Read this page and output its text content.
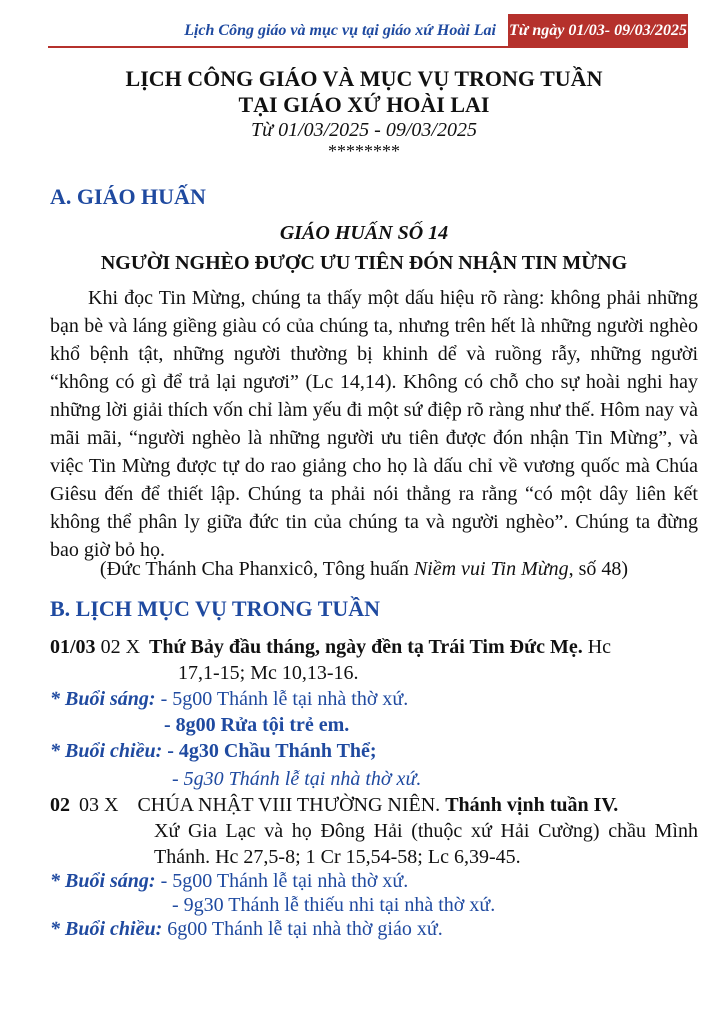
Lịch Công giáo và mục vụ tại giáo xứ Hoài Lai Từ ngày 01/03- 09/03/2025
LỊCH CÔNG GIÁO VÀ MỤC VỤ TRONG TUẦN
TẠI GIÁO XỨ HOÀI LAI
Từ 01/03/2025 - 09/03/2025
********
A. GIÁO HUẤN
GIÁO HUẤN SỐ 14
NGƯỜI NGHÈO ĐƯỢC ƯU TIÊN ĐÓN NHẬN TIN MỪNG
Khi đọc Tin Mừng, chúng ta thấy một dấu hiệu rõ ràng: không phải những bạn bè và láng giềng giàu có của chúng ta, nhưng trên hết là những người nghèo khổ bệnh tật, những người thường bị khinh dể và ruồng rẫy, những người “không có gì để trả lại ngươi” (Lc 14,14). Không có chỗ cho sự hoài nghi hay những lời giải thích vốn chỉ làm yếu đi một sứ điệp rõ ràng như thế. Hôm nay và mãi mãi, “người nghèo là những người ưu tiên được đón nhận Tin Mừng”, và việc Tin Mừng được tự do rao giảng cho họ là dấu chỉ về vương quốc mà Chúa Giêsu đến để thiết lập. Chúng ta phải nói thẳng ra rằng “có một dây liên kết không thể phân ly giữa đức tin của chúng ta và người nghèo”. Chúng ta đừng bao giờ bỏ họ.
(Đức Thánh Cha Phanxicô, Tông huấn Niềm vui Tin Mừng, số 48)
B. LỊCH MỤC VỤ TRONG TUẦN
01/03 02 X Thứ Bảy đầu tháng, ngày đền tạ Trái Tim Đức Mẹ. Hc
17,1-15; Mc 10,13-16.
* Buổi sáng: - 5g00 Thánh lễ tại nhà thờ xứ.
- 8g00 Rửa tội trẻ em.
* Buổi chiều: - 4g30 Chầu Thánh Thể;
- 5g30 Thánh lễ tại nhà thờ xứ.
02 03 X CHÚA NHẬT VIII THƯỜNG NIÊN. Thánh vịnh tuần IV.
Xứ Gia Lạc và họ Đông Hải (thuộc xứ Hải Cường) chầu Mình Thánh. Hc 27,5-8; 1 Cr 15,54-58; Lc 6,39-45.
* Buổi sáng: - 5g00 Thánh lễ tại nhà thờ xứ.
- 9g30 Thánh lễ thiếu nhi tại nhà thờ xứ.
* Buổi chiều: 6g00 Thánh lễ tại nhà thờ giáo xứ.
